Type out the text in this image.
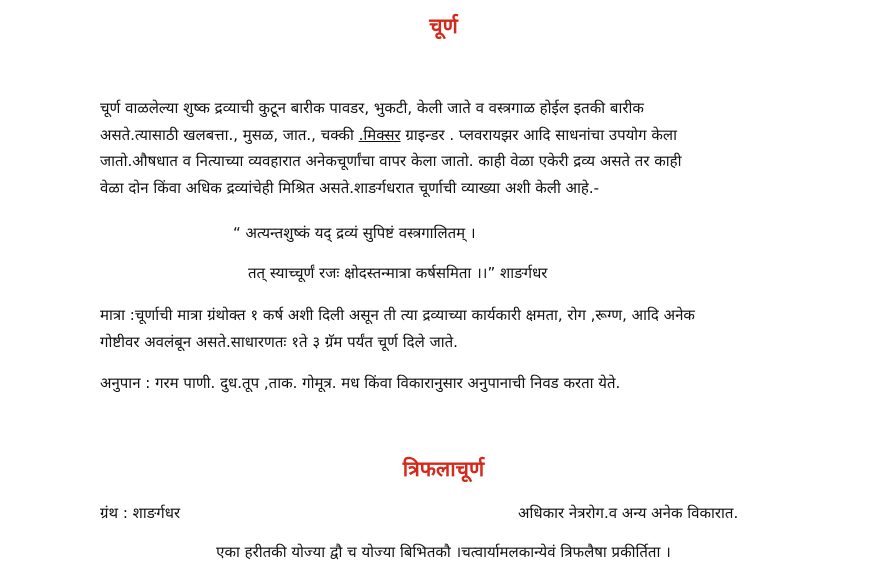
चूर्ण
चूर्ण वाळलेल्या शुष्क द्रव्याची कुटून बारीक पावडर, भुकटी, केली जाते व वस्त्रगाळ होईल इतकी बारीक
असते.त्यासाठी खलबत्ता., मुसळ, जात., चक्की .मिक्सर ग्राइन्डर . प्लवरायझर आदि साधनांचा उपयोग केला
जातो.औषधात व नित्याच्या व्यवहारात अनेकचूर्णांचा वापर केला जातो. काही वेळा एकेरी द्रव्य असते तर काही
वेळा दोन किंवा अधिक द्रव्यांचेही मिश्रित असते.शाङर्गधरात चूर्णाची व्याख्या अशी केली आहे.-
“ अत्यन्तशुष्कं यद् द्रव्यं सुपिष्टं वस्त्रगालितम् ।
तत् स्याच्चूर्णं रजः क्षोदस्तन्मात्रा कर्षसमिता ।।” शाङर्गधर
मात्रा :चूर्णाची मात्रा ग्रंथोक्त १ कर्ष अशी दिली असून ती त्या द्रव्याच्या कार्यकारी क्षमता, रोग ,रूग्ण, आदि अनेक
गोष्टीवर अवलंबून असते.साधारणतः १ते ३ ग्रॅम पर्यंत चूर्ण दिले जाते.
अनुपान : गरम पाणी. दुध.तूप ,ताक. गोमूत्र. मध किंवा विकारानुसार अनुपानाची निवड करता येते.
त्रिफलाचूर्ण
ग्रंथ : शाङर्गधर	अधिकार नेत्ररोग.व अन्य अनेक विकारात.
एका हरीतकी योज्या द्वौ च योज्या बिभितकौ ।चत्वार्यामलकान्येवं त्रिफलैषा प्रकीर्तिता ।
